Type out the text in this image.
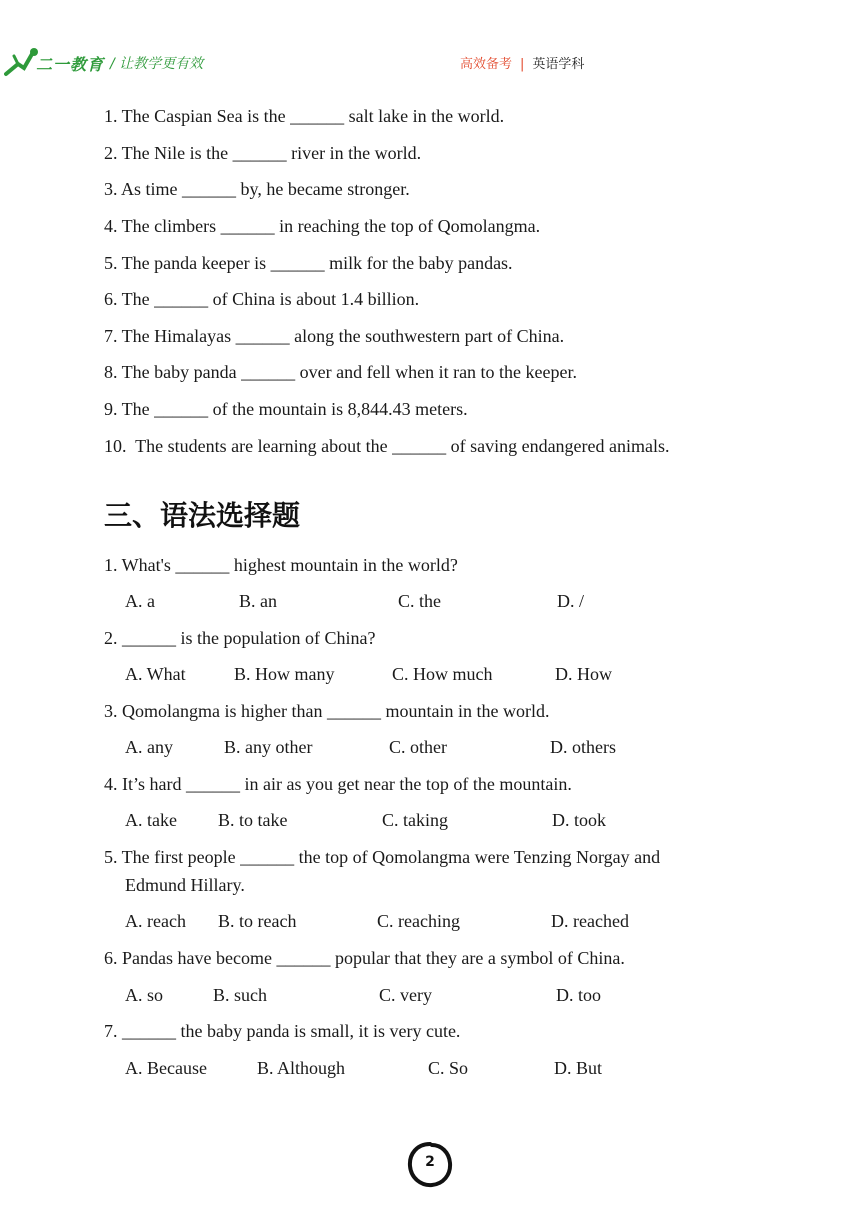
二一教育 / 让教学更有效	高效备考 | 英语学科
1. The Caspian Sea is the ______ salt lake in the world.
2. The Nile is the ______ river in the world.
3. As time ______ by, he became stronger.
4. The climbers ______ in reaching the top of Qomolangma.
5. The panda keeper is ______ milk for the baby pandas.
6. The ______ of China is about 1.4 billion.
7. The Himalayas ______ along the southwestern part of China.
8. The baby panda ______ over and fell when it ran to the keeper.
9. The ______ of the mountain is 8,844.43 meters.
10.  The students are learning about the ______ of saving endangered animals.
三、语法选择题
1. What's ______ highest mountain in the world?
A. a	B. an	C. the	D. /
2. ______ is the population of China?
A. What	B. How many	C. How much	D. How
3. Qomolangma is higher than ______ mountain in the world.
A. any	B. any other	C. other	D. others
4. It’s hard ______ in air as you get near the top of the mountain.
A. take B. to take	C. taking	D. took
5. The first people ______ the top of Qomolangma were Tenzing Norgay and
Edmund Hillary.
A. reach B. to reach	C. reaching	D. reached
6. Pandas have become ______ popular that they are a symbol of China.
A. so	B. such	C. very	D. too
7. ______ the baby panda is small, it is very cute.
A. Because	B. Although	C. So	D. But
2
